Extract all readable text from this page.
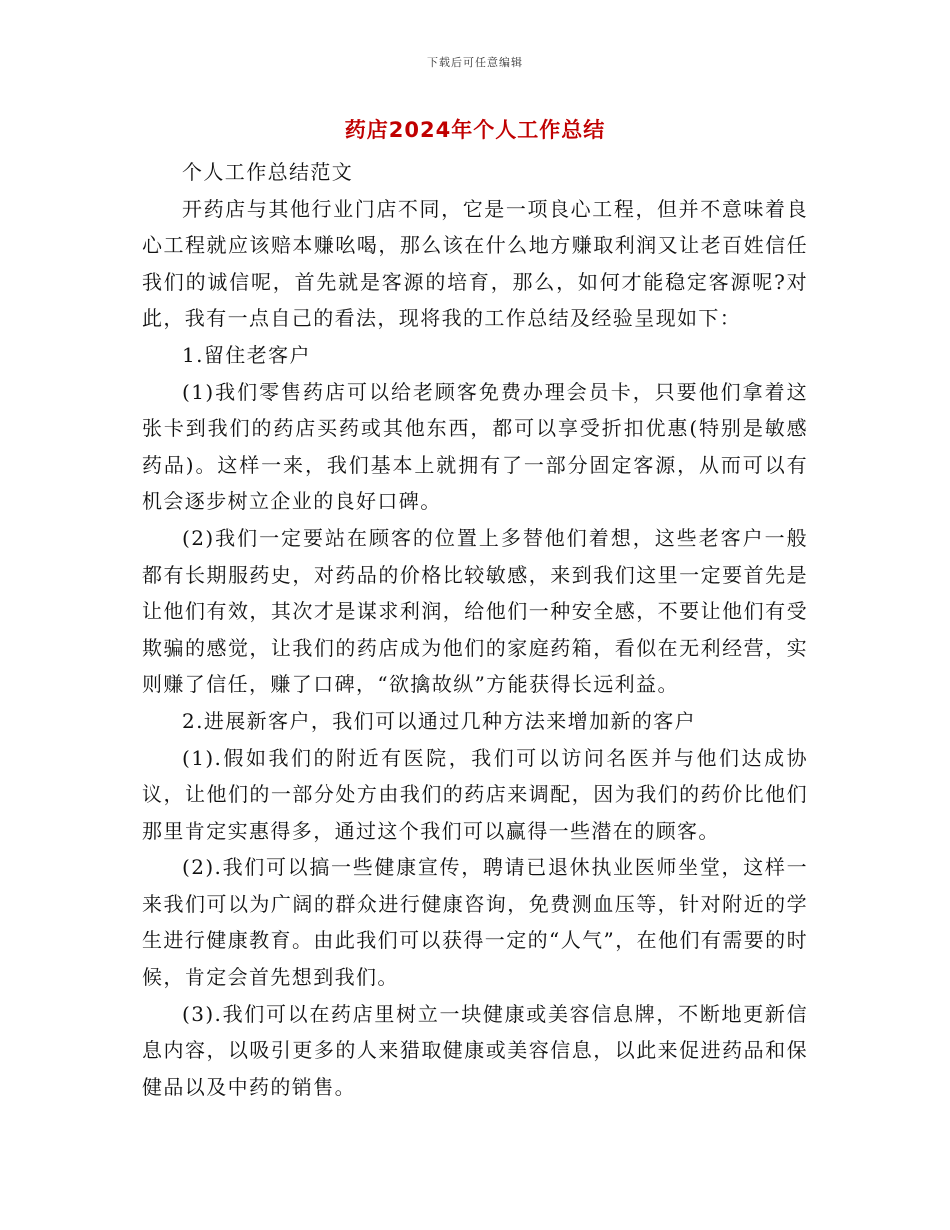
下载后可任意编辑
药店2024年个人工作总结

个人工作总结范文

开药店与其他行业门店不同，它是一项良心工程，但并不意味着良心工程就应该赔本赚吆喝，那么该在什么地方赚取利润又让老百姓信任我们的诚信呢，首先就是客源的培育，那么，如何才能稳定客源呢?对此，我有一点自己的看法，现将我的工作总结及经验呈现如下：

1.留住老客户

(1)我们零售药店可以给老顾客免费办理会员卡，只要他们拿着这张卡到我们的药店买药或其他东西，都可以享受折扣优惠(特别是敏感药品)。这样一来，我们基本上就拥有了一部分固定客源，从而可以有机会逐步树立企业的良好口碑。

(2)我们一定要站在顾客的位置上多替他们着想，这些老客户一般都有长期服药史，对药品的价格比较敏感，来到我们这里一定要首先是让他们有效，其次才是谋求利润，给他们一种安全感，不要让他们有受欺骗的感觉，让我们的药店成为他们的家庭药箱，看似在无利经营，实则赚了信任，赚了口碑，“欲擒故纵”方能获得长远利益。

2.进展新客户，我们可以通过几种方法来增加新的客户

(1).假如我们的附近有医院，我们可以访问名医并与他们达成协议，让他们的一部分处方由我们的药店来调配，因为我们的药价比他们那里肯定实惠得多，通过这个我们可以赢得一些潜在的顾客。

(2).我们可以搞一些健康宣传，聘请已退休执业医师坐堂，这样一来我们可以为广阔的群众进行健康咨询，免费测血压等，针对附近的学生进行健康教育。由此我们可以获得一定的“人气”，在他们有需要的时候，肯定会首先想到我们。

(3).我们可以在药店里树立一块健康或美容信息牌，不断地更新信息内容，以吸引更多的人来猎取健康或美容信息，以此来促进药品和保健品以及中药的销售。
